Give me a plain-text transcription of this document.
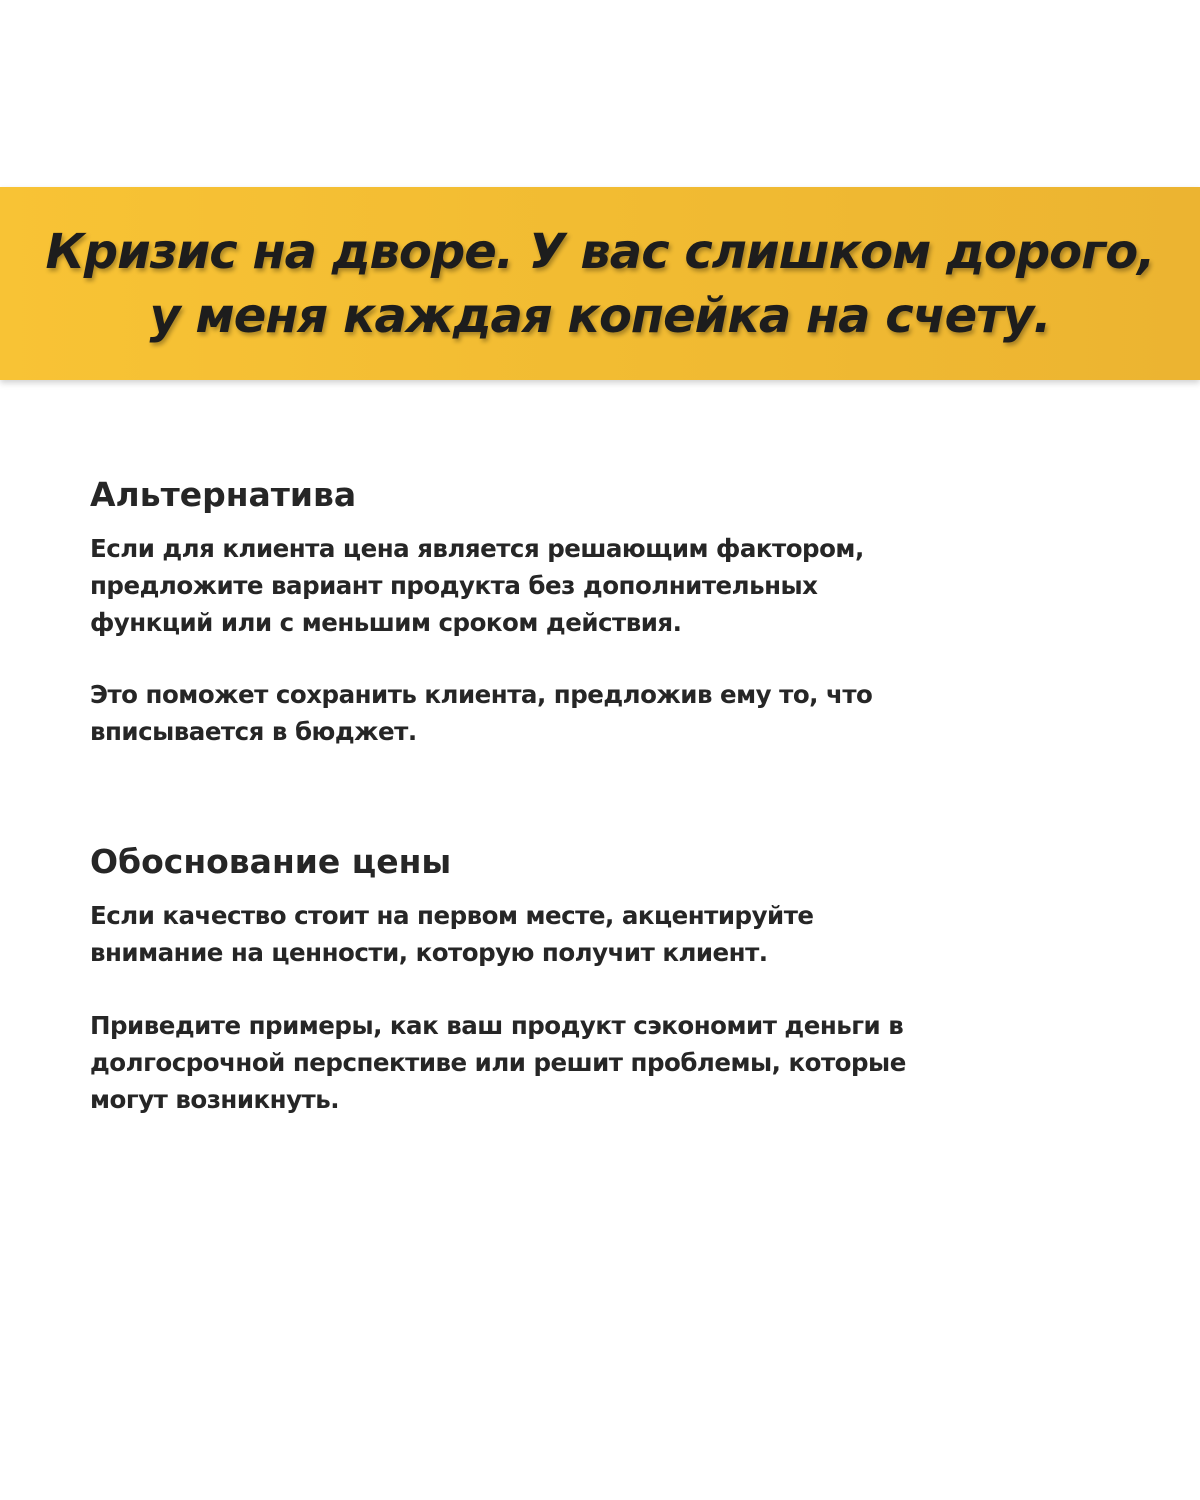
Кризис на дворе. У вас слишком дорого,
у меня каждая копейка на счету.
Альтернатива
Если для клиента цена является решающим фактором,
предложите вариант продукта без дополнительных
функций или с меньшим сроком действия.
Это поможет сохранить клиента, предложив ему то, что
вписывается в бюджет.
Обоснование цены
Если качество стоит на первом месте, акцентируйте
внимание на ценности, которую получит клиент.
Приведите примеры, как ваш продукт сэкономит деньги в
долгосрочной перспективе или решит проблемы, которые
могут возникнуть.
